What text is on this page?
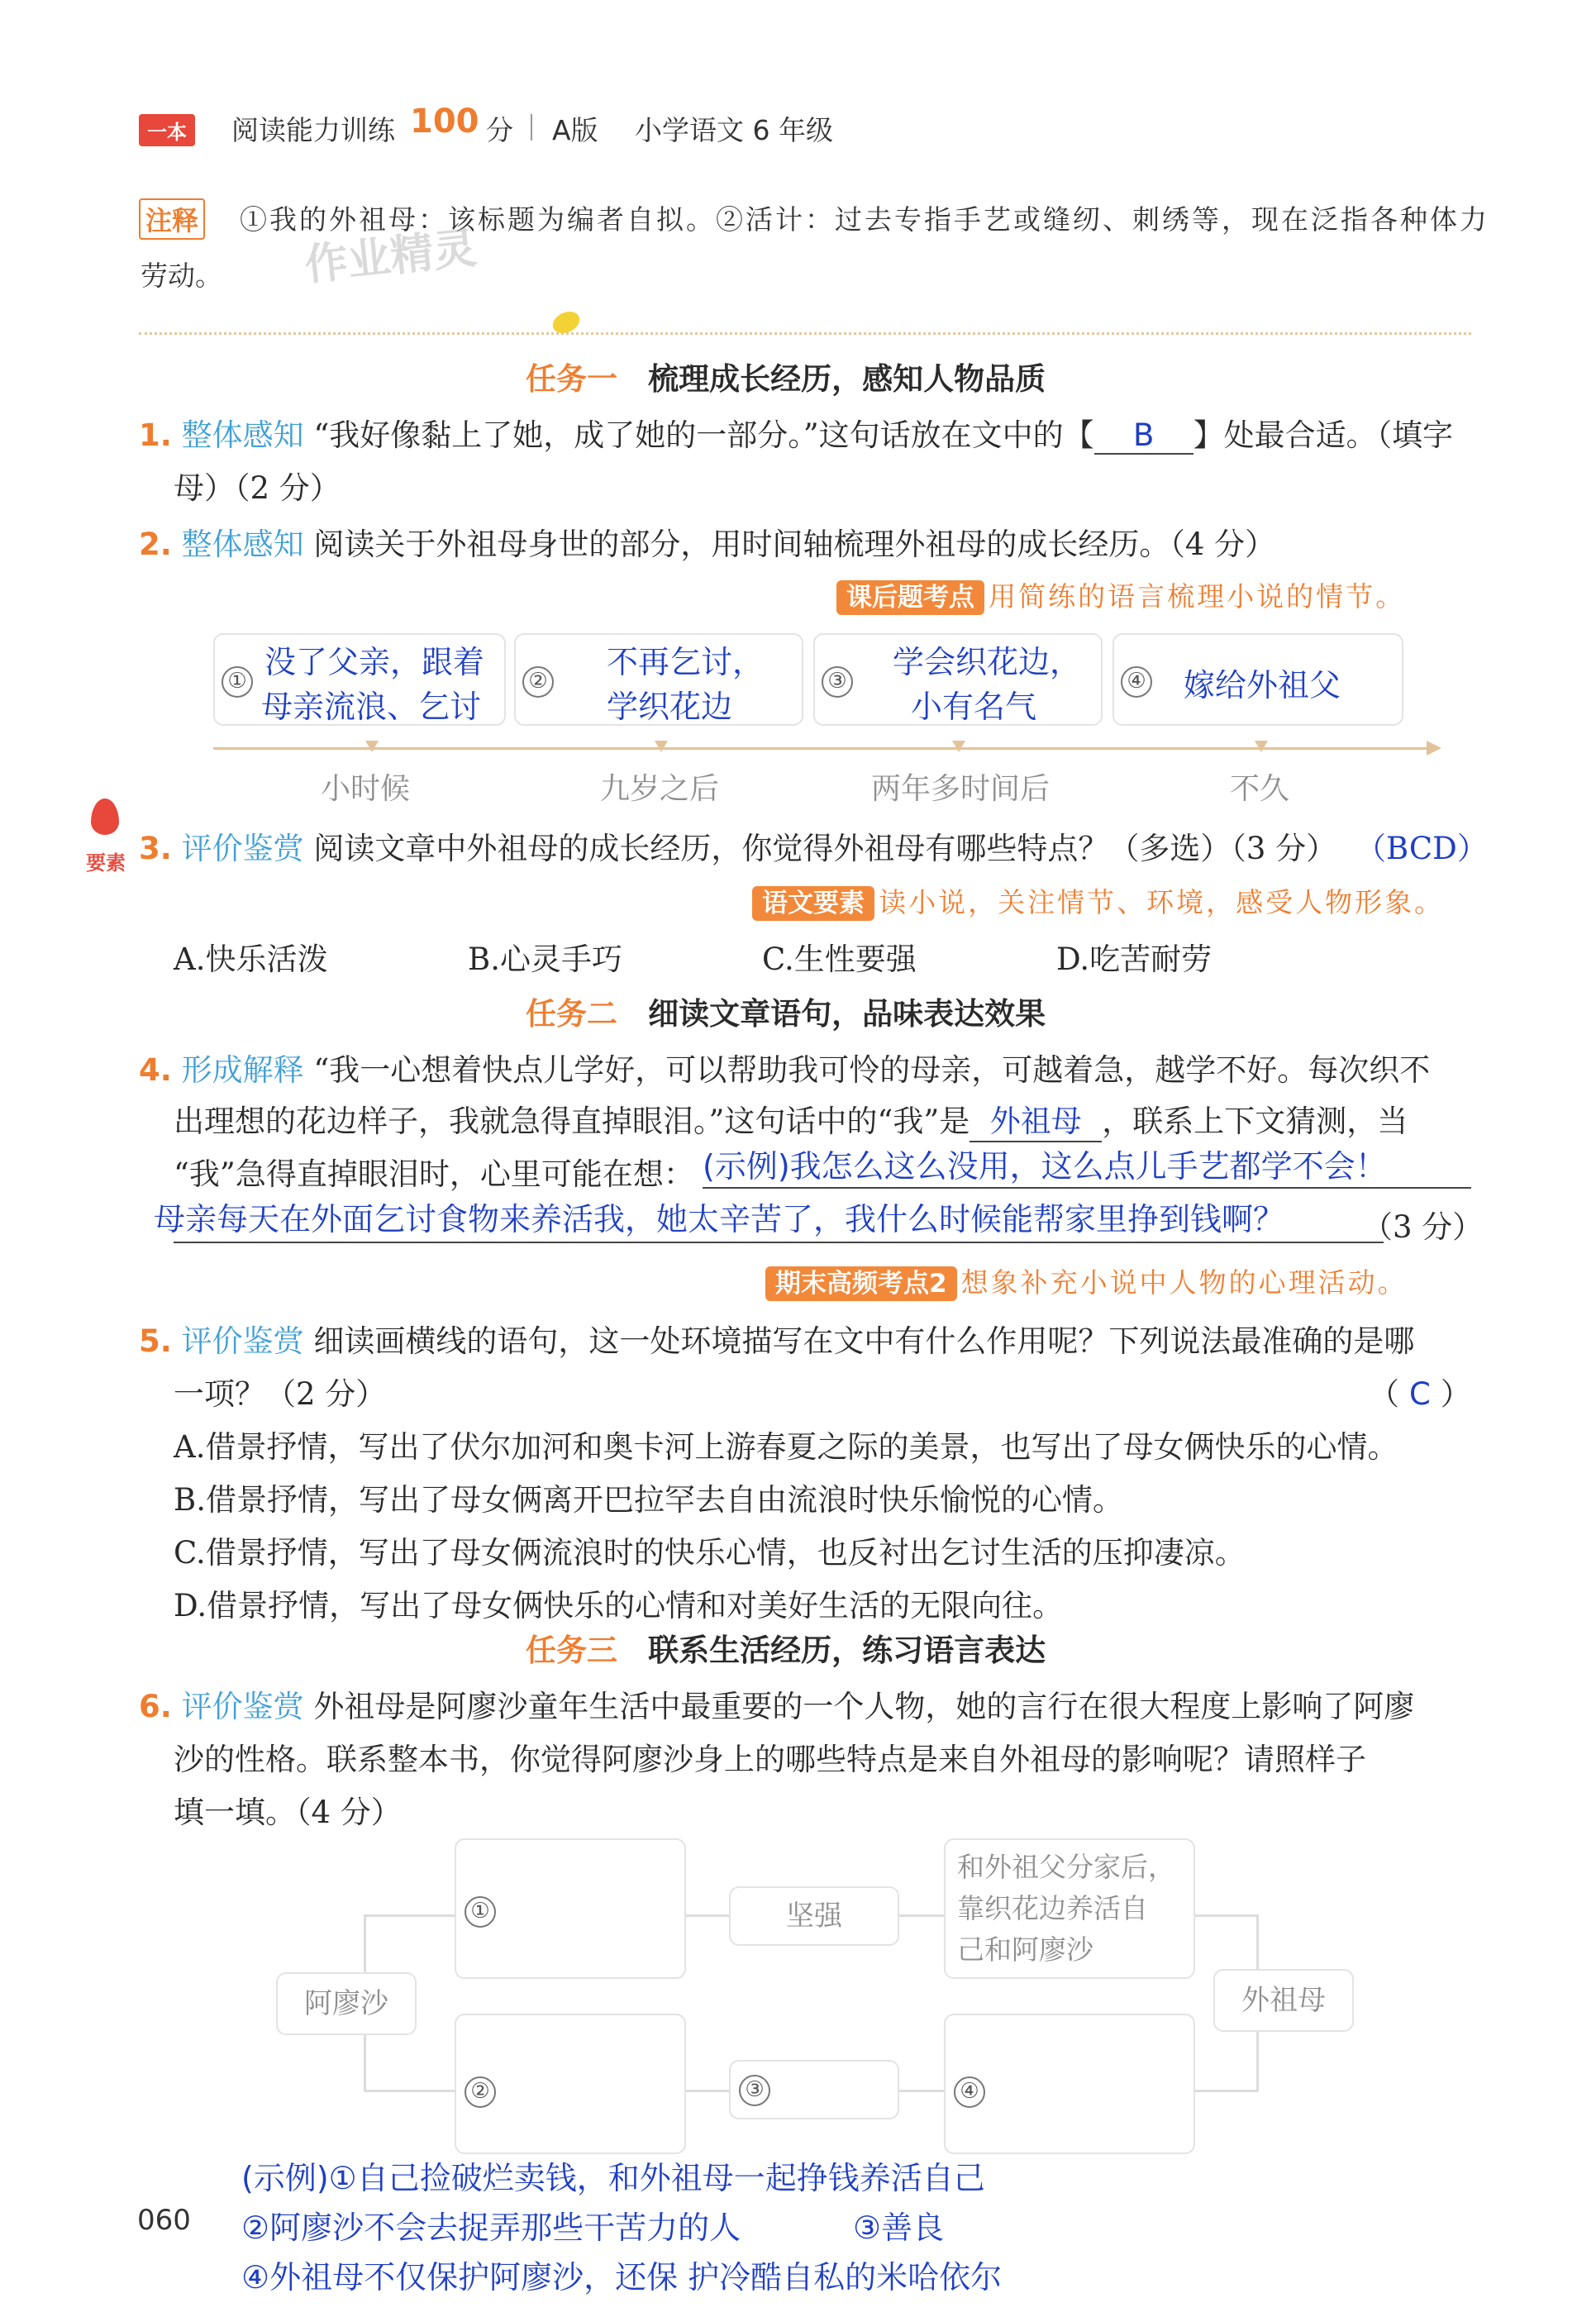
一本	阅读能力训练 100 分 A版 小学语文 6 年级
注释 ①我的外祖母：该标题为编者自拟。②活计：过去专指手艺或缝纫、刺绣等，现在泛指各种体力
劳动。 作业精灵
任务一 梳理成长经历，感知人物品质
1. 整体感知 “我好像黏上了她，成了她的一部分。”这句话放在文中的【 B 】处最合适。（填字
母）（2 分）
2. 整体感知 阅读关于外祖母身世的部分，用时间轴梳理外祖母的成长经历。（4 分）
课后题考点 用简练的语言梳理小说的情节。
①
没了父亲，跟着
母亲流浪、乞讨
②
不再乞讨，
学织花边
③
学会织花边，
小有名气
④ 嫁给外祖父
小时候	九岁之后	两年多时间后	不久
要素 3. 评价鉴赏 阅读文章中外祖母的成长经历，你觉得外祖母有哪些特点？（多选）（3 分） （BCD）
语文要素 读小说，关注情节、环境，感受人物形象。
A.快乐活泼	B.心灵手巧	C.生性要强	D.吃苦耐劳
任务二 细读文章语句，品味表达效果
4. 形成解释 “我一心想着快点儿学好，可以帮助我可怜的母亲，可越着急，越学不好。每次织不
出理想的花边样子，我就急得直掉眼泪。”这句话中的“我”是 外祖母 ，联系上下文猜测，当
“我”急得直掉眼泪时，心里可能在想： (示例)我怎么这么没用，这么点儿手艺都学不会！
母亲每天在外面乞讨食物来养活我，她太辛苦了，我什么时候能帮家里挣到钱啊？	（3 分）
期末高频考点2 想象补充小说中人物的心理活动。
5. 评价鉴赏 细读画横线的语句，这一处环境描写在文中有什么作用呢？下列说法最准确的是哪
一项？（2 分）	（ C ）
A.借景抒情，写出了伏尔加河和奥卡河上游春夏之际的美景，也写出了母女俩快乐的心情。
B.借景抒情，写出了母女俩离开巴拉罕去自由流浪时快乐愉悦的心情。
C.借景抒情，写出了母女俩流浪时的快乐心情，也反衬出乞讨生活的压抑凄凉。
D.借景抒情，写出了母女俩快乐的心情和对美好生活的无限向往。
任务三 联系生活经历，练习语言表达
6. 评价鉴赏 外祖母是阿廖沙童年生活中最重要的一个人物，她的言行在很大程度上影响了阿廖
沙的性格。联系整本书，你觉得阿廖沙身上的哪些特点是来自外祖母的影响呢？请照样子
填一填。（4 分）
阿廖沙	外祖母
①	坚强
和外祖父分家后，
靠织花边养活自
己和阿廖沙
②	③	④
(示例)①自己捡破烂卖钱，和外祖母一起挣钱养活自己
②阿廖沙不会去捉弄那些干苦力的人	③善良
④外祖母不仅保护阿廖沙，还保 护冷酷自私的米哈依尔
060
